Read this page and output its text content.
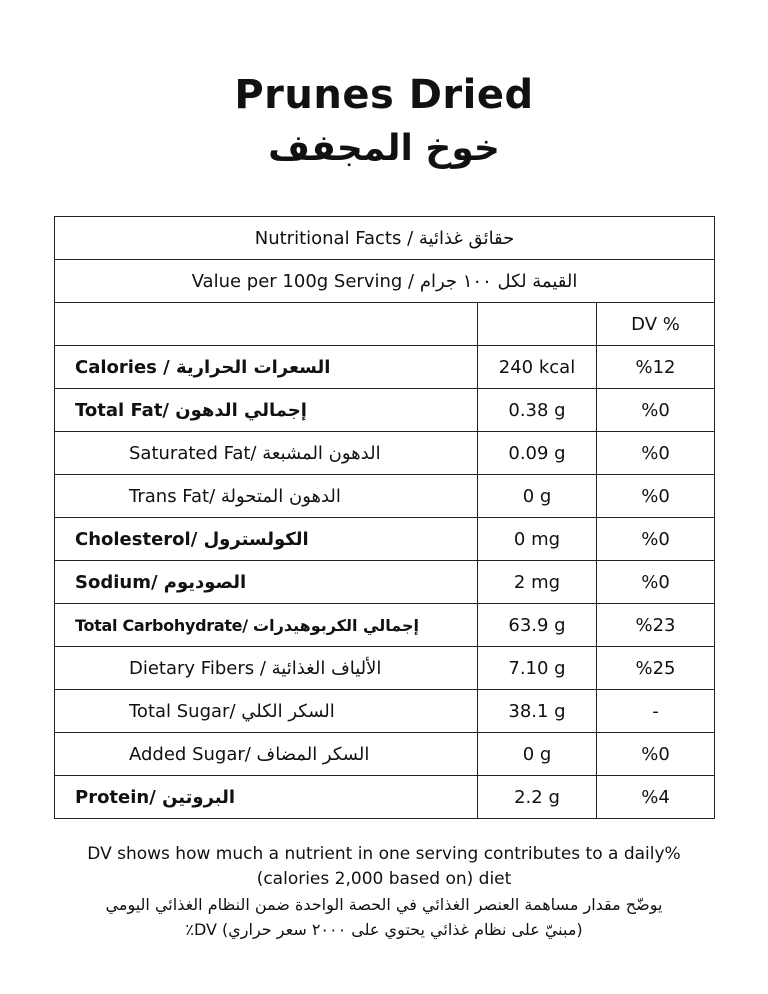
Prunes Dried
خوخ المجفف
Nutritional Facts / حقائق غذائية		
Value per 100g Serving / القيمة لكل ١٠٠ جرام		
		DV %
Calories / السعرات الحرارية	240 kcal	%12
Total Fat/ إجمالي الدهون	0.38 g	%0
Saturated Fat/ الدهون المشبعة	0.09 g	%0
Trans Fat/ الدهون المتحولة	0 g	%0
Cholesterol/ الكولسترول	0 mg	%0
Sodium/ الصوديوم	2 mg	%0
Total Carbohydrate/ إجمالي الكربوهيدرات	63.9 g	%23
Dietary Fibers / الألياف الغذائية	7.10 g	%25
Total Sugar/ السكر الكلي	38.1 g	-
Added Sugar/ السكر المضاف	0 g	%0
Protein/ البروتين	2.2 g	%4
DV shows how much a nutrient in one serving contributes to a daily%
(calories 2,000 based on) diet
يوضّح مقدار مساهمة العنصر الغذائي في الحصة الواحدة ضمن النظام الغذائي اليومي
(مبنيّ على نظام غذائي يحتوي على ٢٠٠٠ سعر حراري) DV٪
